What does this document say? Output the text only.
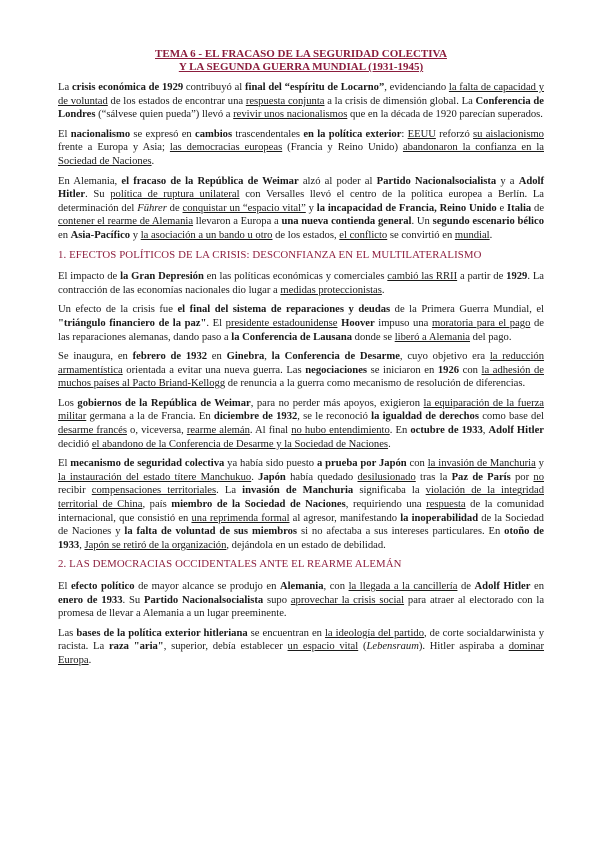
TEMA 6 - EL FRACASO DE LA SEGURIDAD COLECTIVA
Y LA SEGUNDA GUERRA MUNDIAL (1931-1945)

La crisis económica de 1929 contribuyó al final del “espíritu de Locarno”, evidenciando la falta de capacidad y de voluntad de los estados de encontrar una respuesta conjunta a la crisis de dimensión global. La Conferencia de Londres (“sálvese quien pueda”) llevó a revivir unos nacionalismos que en la década de 1920 parecían superados.

El nacionalismo se expresó en cambios trascendentales en la política exterior: EEUU reforzó su aislacionismo frente a Europa y Asia; las democracias europeas (Francia y Reino Unido) abandonaron la confianza en la Sociedad de Naciones.

En Alemania, el fracaso de la República de Weimar alzó al poder al Partido Nacionalsocialista y a Adolf Hitler. Su política de ruptura unilateral con Versalles llevó el centro de la política europea a Berlín. La determinación del Führer de conquistar un “espacio vital” y la incapacidad de Francia, Reino Unido e Italia de contener el rearme de Alemania llevaron a Europa a una nueva contienda general. Un segundo escenario bélico en Asia-Pacífico y la asociación a un bando u otro de los estados, el conflicto se convirtió en mundial.

1. EFECTOS POLÍTICOS DE LA CRISIS: DESCONFIANZA EN EL MULTILATERALISMO

El impacto de la Gran Depresión en las políticas económicas y comerciales cambió las RRII a partir de 1929. La contracción de las economías nacionales dio lugar a medidas proteccionistas.

Un efecto de la crisis fue el final del sistema de reparaciones y deudas de la Primera Guerra Mundial, el "triángulo financiero de la paz". El presidente estadounidense Hoover impuso una moratoria para el pago de las reparaciones alemanas, dando paso a la Conferencia de Lausana donde se liberó a Alemania del pago.

Se inaugura, en febrero de 1932 en Ginebra, la Conferencia de Desarme, cuyo objetivo era la reducción armamentística orientada a evitar una nueva guerra. Las negociaciones se iniciaron en 1926 con la adhesión de muchos países al Pacto Briand-Kellogg de renuncia a la guerra como mecanismo de resolución de diferencias.

Los gobiernos de la República de Weimar, para no perder más apoyos, exigieron la equiparación de la fuerza militar germana a la de Francia. En diciembre de 1932, se le reconoció la igualdad de derechos como base del desarme francés o, viceversa, rearme alemán. Al final no hubo entendimiento. En octubre de 1933, Adolf Hitler decidió el abandono de la Conferencia de Desarme y la Sociedad de Naciones.

El mecanismo de seguridad colectiva ya había sido puesto a prueba por Japón con la invasión de Manchuria y la instauración del estado títere Manchukuo. Japón había quedado desilusionado tras la Paz de París por no recibir compensaciones territoriales. La invasión de Manchuria significaba la violación de la integridad territorial de China, país miembro de la Sociedad de Naciones, requiriendo una respuesta de la comunidad internacional, que consistió en una reprimenda formal al agresor, manifestando la inoperabilidad de la Sociedad de Naciones y la falta de voluntad de sus miembros si no afectaba a sus intereses particulares. En otoño de 1933, Japón se retiró de la organización, dejándola en un estado de debilidad.

2. LAS DEMOCRACIAS OCCIDENTALES ANTE EL REARME ALEMÁN

El efecto político de mayor alcance se produjo en Alemania, con la llegada a la cancillería de Adolf Hitler en enero de 1933. Su Partido Nacionalsocialista supo aprovechar la crisis social para atraer al electorado con la promesa de llevar a Alemania a un lugar preeminente.

Las bases de la política exterior hitleriana se encuentran en la ideología del partido, de corte socialdarwinista y racista. La raza "aria", superior, debía establecer un espacio vital (Lebensraum). Hitler aspiraba a dominar Europa.
